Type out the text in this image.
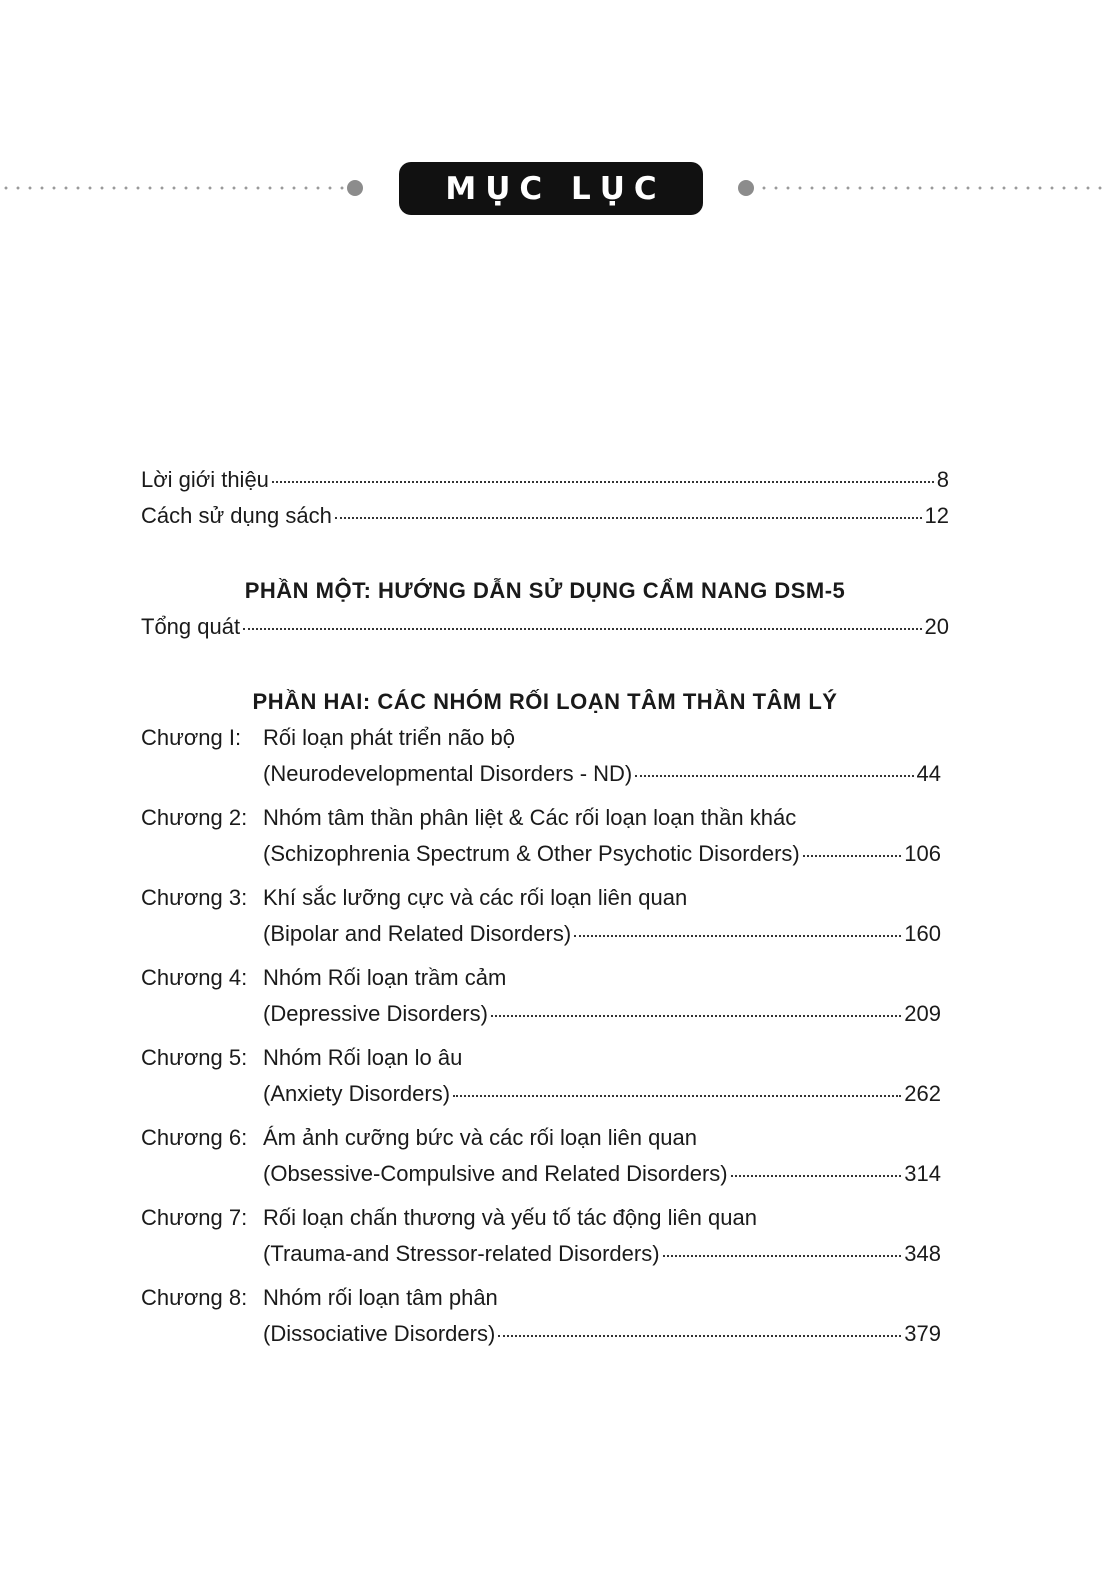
MỤC LỤC
Lời giới thiệu	8
Cách sử dụng sách	12
PHẦN MỘT: HƯỚNG DẪN SỬ DỤNG CẨM NANG DSM-5
Tổng quát	20
PHẦN HAI: CÁC NHÓM RỐI LOẠN TÂM THẦN TÂM LÝ
Chương I: Rối loạn phát triển não bộ
(Neurodevelopmental Disorders - ND)	44
Chương 2: Nhóm tâm thần phân liệt & Các rối loạn loạn thần khác
(Schizophrenia Spectrum & Other Psychotic Disorders)	106
Chương 3: Khí sắc lưỡng cực và các rối loạn liên quan
(Bipolar and Related Disorders)	160
Chương 4: Nhóm Rối loạn trầm cảm
(Depressive Disorders)	209
Chương 5: Nhóm Rối loạn lo âu
(Anxiety Disorders)	262
Chương 6: Ám ảnh cưỡng bức và các rối loạn liên quan
(Obsessive-Compulsive and Related Disorders)	314
Chương 7: Rối loạn chấn thương và yếu tố tác động liên quan
(Trauma-and Stressor-related Disorders)	348
Chương 8: Nhóm rối loạn tâm phân
(Dissociative Disorders)	379
